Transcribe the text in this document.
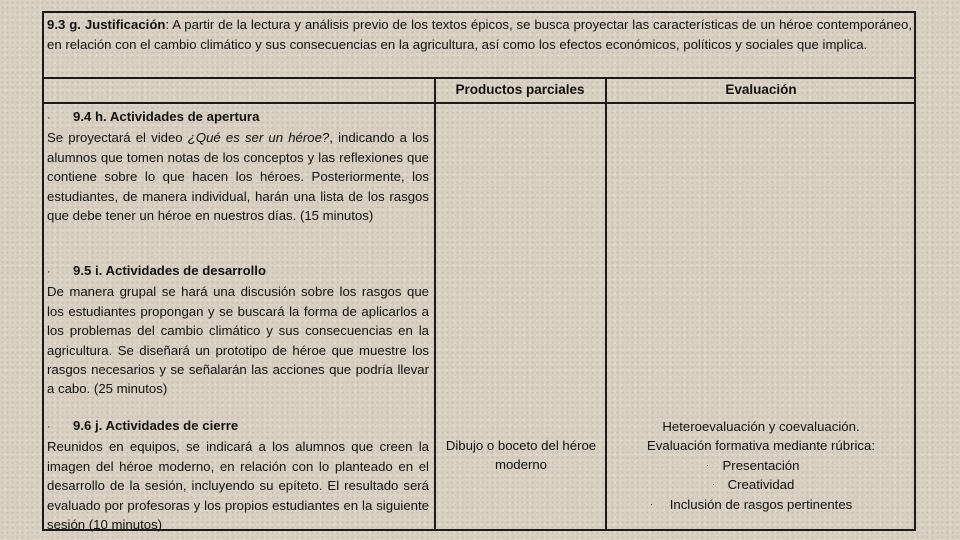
9.3 g. Justificación: A partir de la lectura y análisis previo de los textos épicos, se busca proyectar las características de un héroe contemporáneo, en relación con el cambio climático y sus consecuencias en la agricultura, así como los efectos económicos, políticos y sociales que implica.
Productos parciales	Evaluación
· 9.4 h. Actividades de apertura
Se proyectará el video ¿Qué es ser un héroe?, indicando a los alumnos que tomen notas de los conceptos y las reflexiones que contiene sobre lo que hacen los héroes. Posteriormente, los estudiantes, de manera individual, harán una lista de los rasgos que debe tener un héroe en nuestros días. (15 minutos)
· 9.5 i. Actividades de desarrollo
De manera grupal se hará una discusión sobre los rasgos que los estudiantes propongan y se buscará la forma de aplicarlos a los problemas del cambio climático y sus consecuencias en la agricultura. Se diseñará un prototipo de héroe que muestre los rasgos necesarios y se señalarán las acciones que podría llevar a cabo. (25 minutos)
· 9.6 j. Actividades de cierre
Reunidos en equipos, se indicará a los alumnos que creen la imagen del héroe moderno, en relación con lo planteado en el desarrollo de la sesión, incluyendo su epíteto. El resultado será evaluado por profesoras y los propios estudiantes en la siguiente sesión (10 minutos)
Dibujo o boceto del héroe moderno
Heteroevaluación y coevaluación.
Evaluación formativa mediante rúbrica:
· Presentación
· Creatividad
· Inclusión de rasgos pertinentes
